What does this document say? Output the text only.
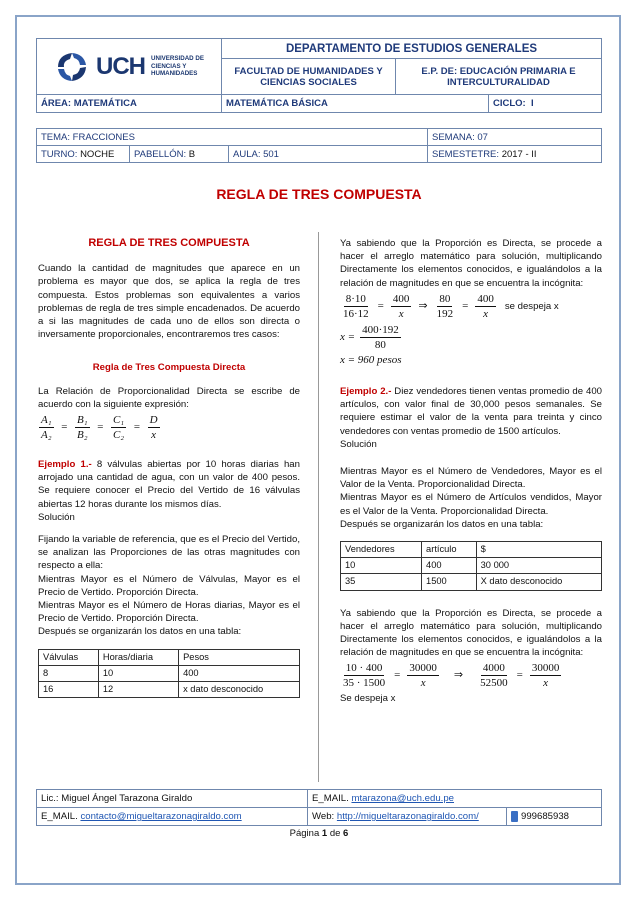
UCH UNIVERSIDAD DE
CIENCIAS Y
HUMANIDADES	DEPARTAMENTO DE ESTUDIOS GENERALES		
	FACULTAD DE HUMANIDADES Y CIENCIAS SOCIALES	E.P. DE: EDUCACIÓN PRIMARIA E INTERCULTURALIDAD	
ÁREA: MATEMÁTICA	MATEMÁTICA BÁSICA		CICLO: I
TEMA: FRACCIONES			SEMANA: 07
TURNO: NOCHE	PABELLÓN: B	AULA: 501	SEMESTETRE: 2017 - II
REGLA DE TRES COMPUESTA

REGLA DE TRES COMPUESTA

Cuando la cantidad de magnitudes que aparece en un problema es mayor que dos, se aplica la regla de tres compuesta. Estos problemas son equivalentes a varios problemas de regla de tres simple encadenados. De acuerdo a si las magnitudes de cada uno de ellos son directa o inversamente proporcionales, encontraremos tres casos:

Regla de Tres Compuesta Directa

La Relación de Proporcionalidad Directa se escribe de acuerdo con la siguiente expresión:

$\frac{\text{A₁}}{\text{A₂}} = \frac{\text{B₁}}{\text{B₂}} = \frac{\text{C₁}}{\text{C₂}} = \frac{D}{x}$

Ejemplo 1.- 8 válvulas abiertas por 10 horas diarias han arrojado una cantidad de agua, con un valor de 400 pesos. Se requiere conocer el Precio del Vertido de 16 válvulas abiertas 12 horas durante los mismos días.

Solución

Fijando la variable de referencia, que es el Precio del Vertido, se analizan las Proporciones de las otras magnitudes con respecto a ella:

Mientras Mayor es el Número de Válvulas, Mayor es el Precio de Vertido. Proporción Directa.

Mientras Mayor es el Número de Horas diarias, Mayor es el Precio de Vertido. Proporción Directa.

Después se organizarán los datos en una tabla:

Válvulas	Horas/diaria	Pesos
8	10	400
16	12	x dato desconocido

Ya sabiendo que la Proporción es Directa, se procede a hacer el arreglo matemático para solución, multiplicando Directamente los elementos conocidos, e igualándolos a la relación de magnitudes en que se encuentra la incógnita:

$\frac{8\cdot 10}{16\cdot 12} = \frac{400}{x}$ ⇒ $\frac{80}{192} = \frac{400}{x}$ se despeja x
$x = \frac{400\cdot 192}{80}$

x = 960 pesos

Ejemplo 2.- Diez vendedores tienen ventas promedio de 400 artículos, con valor final de 30,000 pesos semanales. Se requiere estimar el valor de la venta para treinta y cinco vendedores con ventas promedio de 1500 artículos.

Solución

Mientras Mayor es el Número de Vendedores, Mayor es el Valor de la Venta. Proporcionalidad Directa.

Mientras Mayor es el Número de Artículos vendidos, Mayor es el Valor de la Venta. Proporcionalidad Directa.

Después se organizarán los datos en una tabla:

Vendedores	artículo	$
10	400	30 000
35	1500	X dato desconocido

Ya sabiendo que la Proporción es Directa, se procede a hacer el arreglo matemático para solución, multiplicando Directamente los elementos conocidos, e igualándolos a la relación de magnitudes en que se encuentra la incógnita:

$\frac{10 \cdot 400}{35 \cdot 1500} = \frac{30000}{x}$ ⇒ $\frac{4000}{52500} = \frac{30000}{x}$

Se despeja x

Lic.: Miguel Ángel Tarazona Giraldo	E_MAIL. mtarazona@uch.edu.pe	
E_MAIL. contacto@migueltarazonagiraldo.com	Web: http://migueltarazonagiraldo.com/	999685938
Página 1 de 6
